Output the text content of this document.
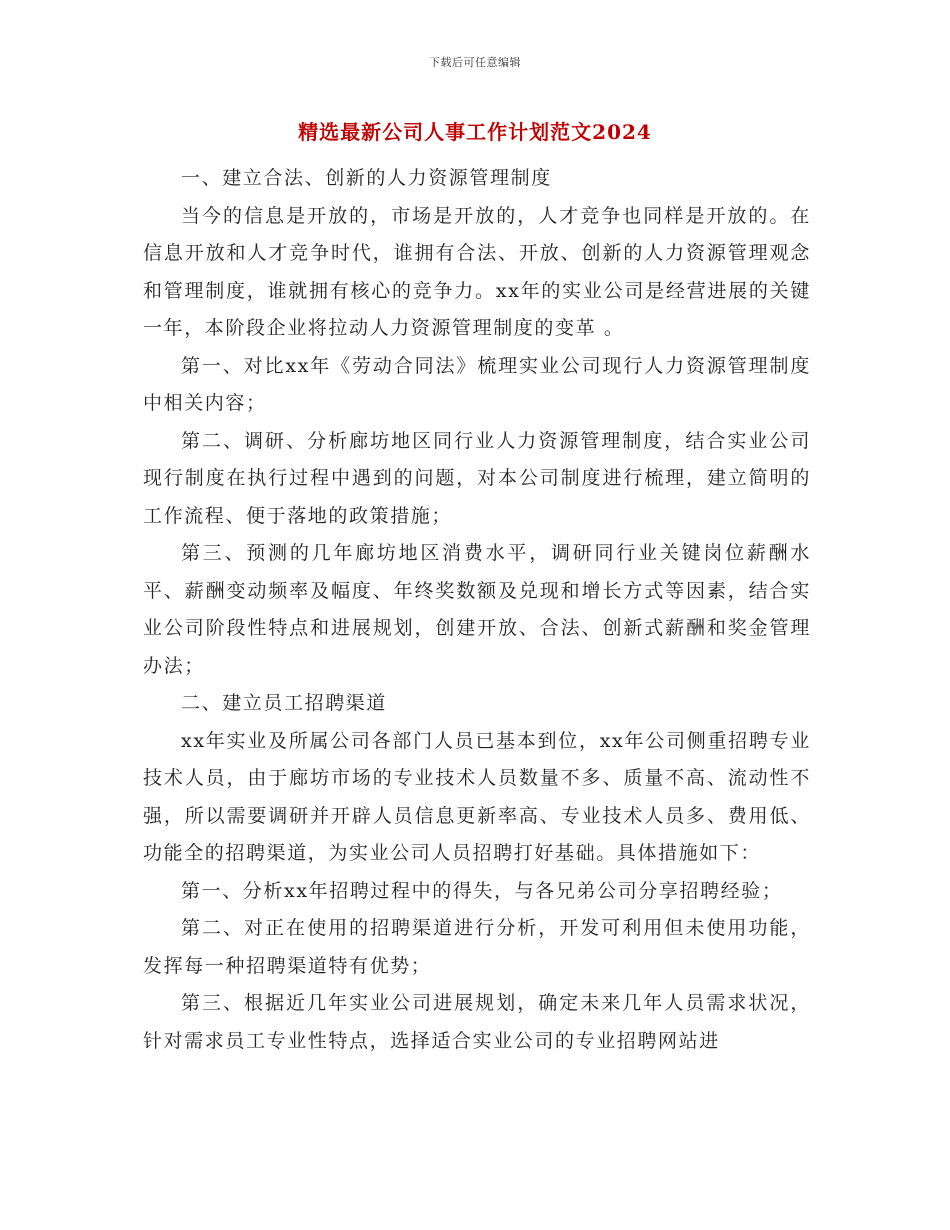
下载后可任意编辑
精选最新公司人事工作计划范文2024

一、建立合法、创新的人力资源管理制度

当今的信息是开放的，市场是开放的，人才竞争也同样是开放的。在信息开放和人才竞争时代，谁拥有合法、开放、创新的人力资源管理观念和管理制度，谁就拥有核心的竞争力。xx年的实业公司是经营进展的关键一年，本阶段企业将拉动人力资源管理制度的变革 。

第一、对比xx年《劳动合同法》梳理实业公司现行人力资源管理制度中相关内容；

第二、调研、分析廊坊地区同行业人力资源管理制度，结合实业公司现行制度在执行过程中遇到的问题，对本公司制度进行梳理，建立简明的工作流程、便于落地的政策措施；

第三、预测的几年廊坊地区消费水平，调研同行业关键岗位薪酬水平、薪酬变动频率及幅度、年终奖数额及兑现和增长方式等因素，结合实业公司阶段性特点和进展规划，创建开放、合法、创新式薪酬和奖金管理办法；

二、建立员工招聘渠道

xx年实业及所属公司各部门人员已基本到位，xx年公司侧重招聘专业技术人员，由于廊坊市场的专业技术人员数量不多、质量不高、流动性不强，所以需要调研并开辟人员信息更新率高、专业技术人员多、费用低、功能全的招聘渠道，为实业公司人员招聘打好基础。具体措施如下：

第一、分析xx年招聘过程中的得失，与各兄弟公司分享招聘经验；

第二、对正在使用的招聘渠道进行分析，开发可利用但未使用功能，发挥每一种招聘渠道特有优势；

第三、根据近几年实业公司进展规划，确定未来几年人员需求状况，针对需求员工专业性特点，选择适合实业公司的专业招聘网站进
